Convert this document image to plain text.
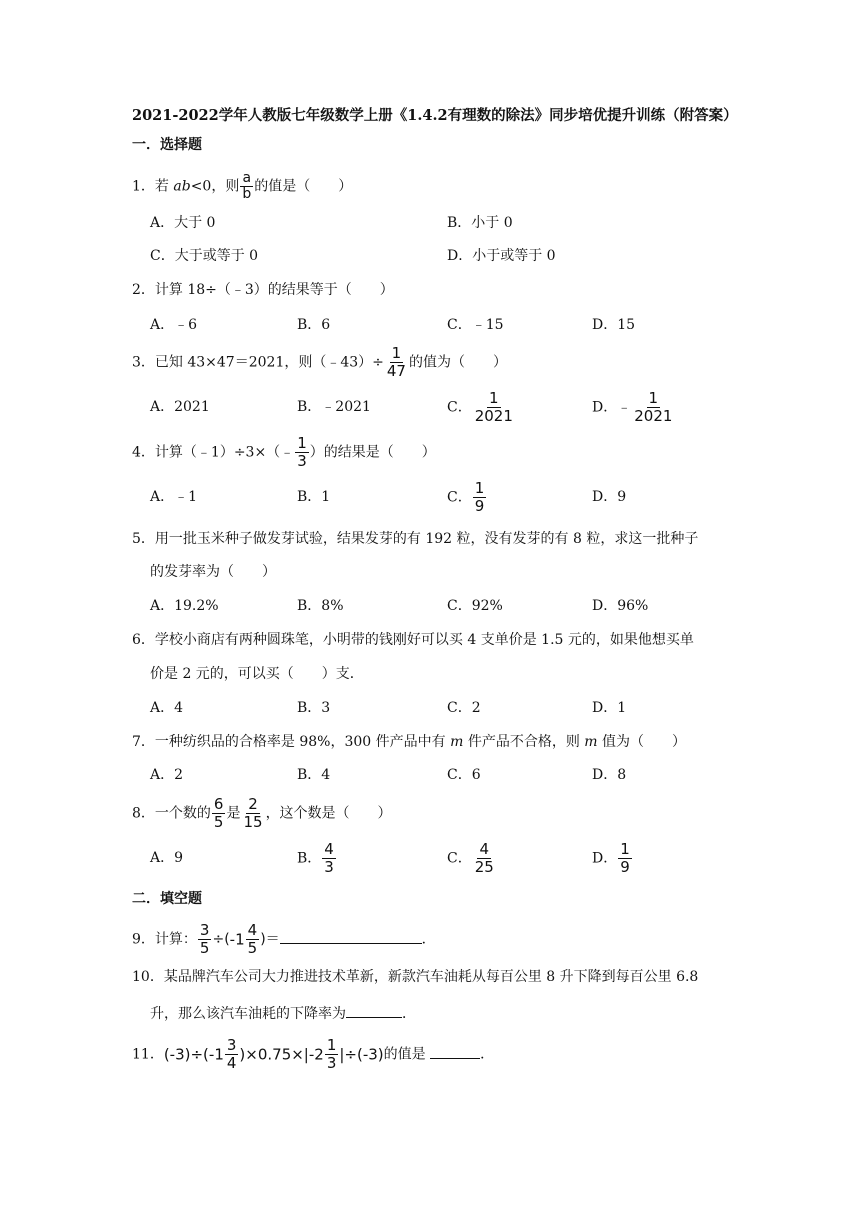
2021-2022学年人教版七年级数学上册《1.4.2有理数的除法》同步培优提升训练（附答案）
一．选择题
1．若 ab<0，则 $\frac{a}{b}$ 的值是（　　）
A．大于 0	B．小于 0
C．大于或等于 0	D．小于或等于 0
2．计算 18÷（﹣3）的结果等于（　　）
A．﹣6	B．6	C．﹣15	D．15
3．已知 43×47＝2021，则（﹣43）÷ $\frac{1}{47}$ 的值为（　　）
A．2021	B．﹣2021	C． $\frac{1}{2021}$	D．﹣ $\frac{1}{2021}$
4．计算（﹣1）÷3×（﹣ $\frac{1}{3}$ ）的结果是（　　）
A．﹣1	B．1	C． $\frac{1}{9}$	D．9
5．用一批玉米种子做发芽试验，结果发芽的有 192 粒，没有发芽的有 8 粒，求这一批种子
的发芽率为（　　）
A．19.2%	B．8%	C．92%	D．96%
6．学校小商店有两种圆珠笔，小明带的钱刚好可以买 4 支单价是 1.5 元的，如果他想买单
价是 2 元的，可以买（　　）支．
A．4	B．3	C．2	D．1
7．一种纺织品的合格率是 98%，300 件产品中有 m 件产品不合格，则 m 值为（　　）
A．2	B．4	C．6	D．8
8．一个数的 $\frac{6}{5}$ 是 $\frac{2}{15}$ ，这个数是（　　）
A．9	B． $\frac{4}{3}$	C． $\frac{4}{25}$	D． $\frac{1}{9}$
二．填空题
9．计算： $\frac{3}{5} \div(-1 \frac{4}{5}$ )＝	．
10．某品牌汽车公司大力推进技术革新，新款汽车油耗从每百公里 8 升下降到每百公里 6.8
升，那么该汽车油耗的下降率为	．
11．$(-3)\div(-1 \frac{3}{4} )\times 0.75\times|-2 \frac{1}{3} |\div(-3)$的值是	．
